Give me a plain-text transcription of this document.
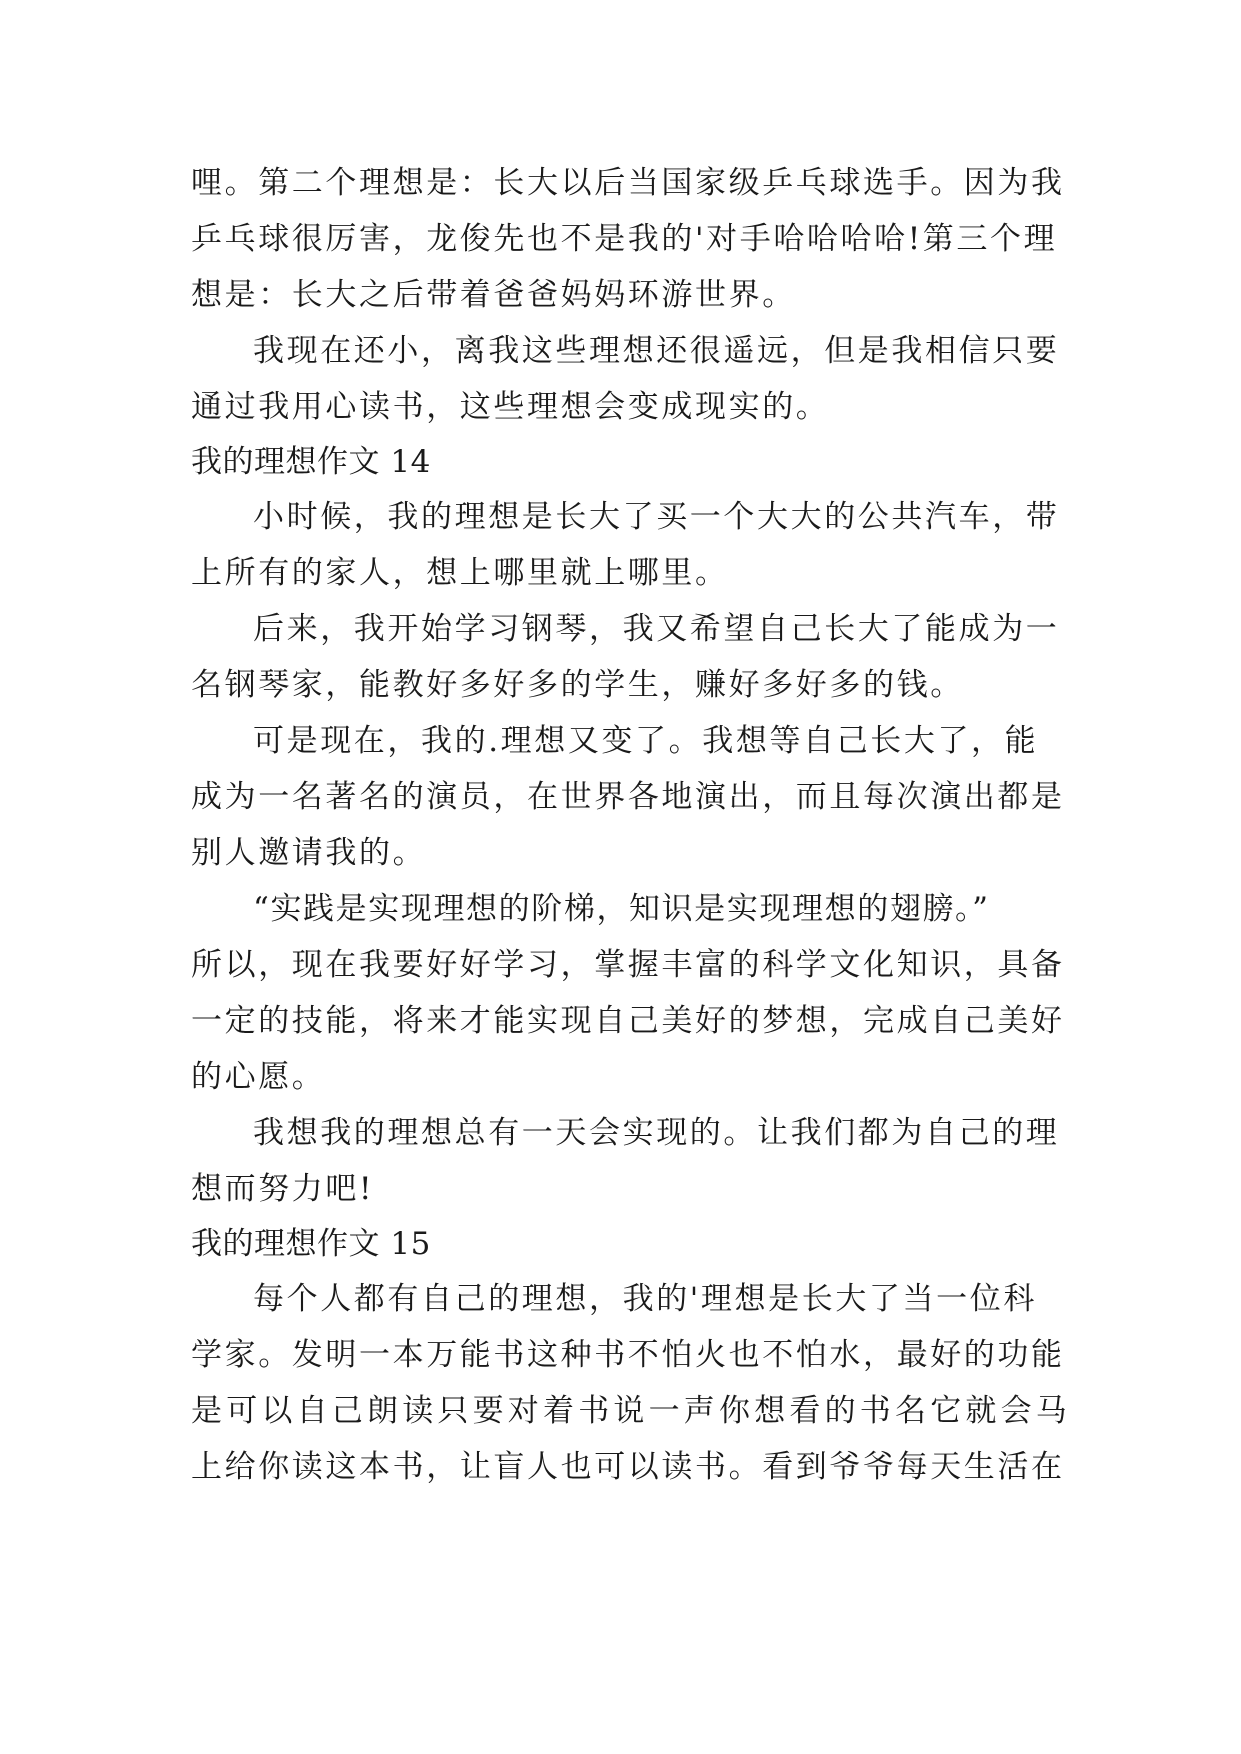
哩。第二个理想是：长大以后当国家级乒乓球选手。因为我
乒乓球很厉害，龙俊先也不是我的'对手哈哈哈哈!第三个理
想是：长大之后带着爸爸妈妈环游世界。
我现在还小，离我这些理想还很遥远，但是我相信只要
通过我用心读书，这些理想会变成现实的。
我的理想作文 14
小时候，我的理想是长大了买一个大大的公共汽车，带
上所有的家人，想上哪里就上哪里。
后来，我开始学习钢琴，我又希望自己长大了能成为一
名钢琴家，能教好多好多的学生，赚好多好多的钱。
可是现在，我的.理想又变了。我想等自己长大了，能
成为一名著名的演员，在世界各地演出，而且每次演出都是
别人邀请我的。
“实践是实现理想的阶梯，知识是实现理想的翅膀。”
所以，现在我要好好学习，掌握丰富的科学文化知识，具备
一定的技能，将来才能实现自己美好的梦想，完成自己美好
的心愿。
我想我的理想总有一天会实现的。让我们都为自己的理
想而努力吧!
我的理想作文 15
每个人都有自己的理想，我的'理想是长大了当一位科
学家。发明一本万能书这种书不怕火也不怕水，最好的功能
是可以自己朗读只要对着书说一声你想看的书名它就会马
上给你读这本书，让盲人也可以读书。看到爷爷每天生活在
